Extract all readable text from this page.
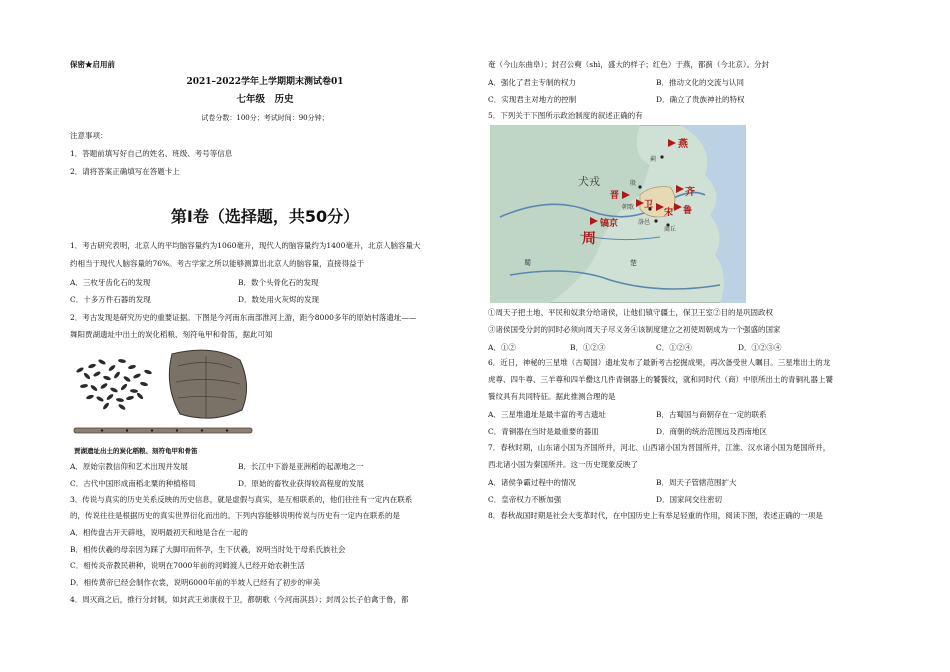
保密★启用前
2021–2022学年上学期期末测试卷01
七年级　历史
试卷分数：100分；考试时间：90分钟；
注意事项：
1．答题前填写好自己的姓名、班级、考号等信息
2．请将答案正确填写在答题卡上
第Ⅰ卷（选择题，共50分）
1．考古研究表明，北京人的平均脑容量约为1060毫升，现代人的脑容量约为1400毫升，北京人脑容量大
约相当于现代人脑容量的76%。考古学家之所以能够测算出北京人的脑容量，直接得益于
A．三枚牙齿化石的发现	B．数个头骨化石的发现
C．十多万件石器的发现	D．数处用火灰烬的发现
2．考古发现是研究历史的重要证据。下图是今河南东南部淮河上游，距今8000多年的原始村落遗址——
舞阳贾湖遗址中出土的炭化稻粮、刻符龟甲和骨笛，据此可知
贾湖遗址出土的炭化稻粮、刻符龟甲和骨笛
A．原始宗教信仰和艺术出现并发展	B．长江中下游是亚洲稻的起源地之一
C．古代中国形成南稻北粟的种植格局	D．原始的畜牧业获得较高程度的发展
3．传说与真实的历史关系反映的历史信息，就是虚假与真实，是互相联系的，他们往往有一定内在联系
的，传说往往是根据历史的真实世界衍化而出的。下列内容能够说明传说与历史有一定内在联系的是
A．相传盘古开天辟地，说明最初天和地是合在一起的
B．相传伏羲的母亲因为踩了大脚印而怀孕，生下伏羲，说明当时处于母系氏族社会
C．相传炎帝教民耕种，说明在7000年前的河姆渡人已经开始农耕生活
D．相传黄帝已经会制作衣裳，说明6000年前的半坡人已经有了初步的审美
4．周灭商之后，推行分封制，如封武王弟康叔于卫，都朝歌（今河南淇县）；封周公长子伯禽于鲁，都
奄（今山东曲阜）；封召公奭（shì，盛大的样子；红色）于燕，都蓟（今北京）。分封
A．强化了君主专制的权力	B．推动文化的交流与认同
C．实现君主对地方的控制	D．确立了贵族神社的特权
5．下列关于下图所示政治制度的叙述正确的有
燕
晋
卫
宋
齐
鲁
镐京
周
犬戎	殷
朝歌
洛邑
商丘
蓟
蜀	楚
①周天子把土地、平民和奴隶分给诸侯，让他们镇守疆土，保卫王室②目的是巩固政权
③诸侯国受分封的同时必须向周天子尽义务④该制度建立之初使周朝成为一个强盛的国家
A．①②	B．①②③	C．①②④	D．①②③④
6．近日，神秘的三星堆（古蜀国）遗址发布了最新考古挖掘成果，再次备受世人瞩目。三星堆出土的龙
虎尊、四牛尊、三羊尊和四羊罍这几件青铜器上的饕餮纹，就和同时代（商）中原所出土的青铜礼器上饕
餮纹具有共同特征。据此推测合理的是
A．三星堆遗址是最丰富的考古遗址	B．古蜀国与商朝存在一定的联系
C．青铜器在当时是最重要的器皿	D．商朝的统治范围远及西南地区
7．春秋时期，山东诸小国为齐国所并，河北、山西诸小国为晋国所并，江淮、汉水诸小国为楚国所并，
西北诸小国为秦国所并。这一历史现象反映了
A．诸侯争霸过程中的情况	B．周天子管辖范围扩大
C．皇帝权力不断加强	D．国家间交往密切
8．春秋战国时期是社会大变革时代，在中国历史上有举足轻重的作用，阅读下图，表述正确的一项是
